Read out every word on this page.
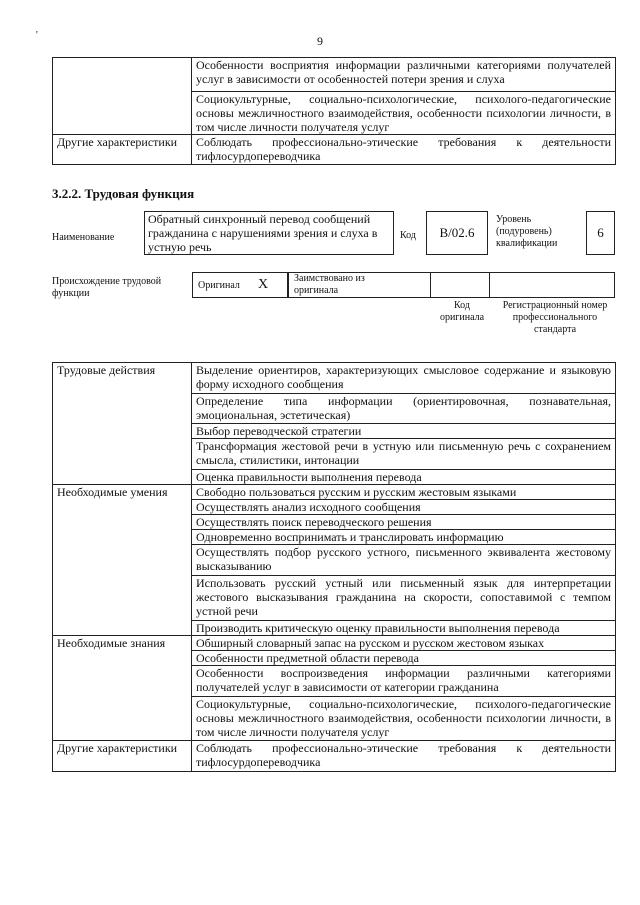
'	9
	Особенности восприятия информации различными категориями получателей услуг в зависимости от особенностей потери зрения и слуха
	Социокультурные, социально-психологические, психолого-педагогические основы межличностного взаимодействия, особенности психологии личности, в том числе личности получателя услуг
Другие характеристики	Соблюдать профессионально-этические требования к деятельности тифлосурдопереводчика
3.2.2. Трудовая функция
Наименование
Обратный синхронный перевод сообщений гражданина с нарушениями зрения и слуха в устную речь
Код	B/02.6
Уровень (подуровень) квалификации
6
Происхождение трудовой функции
Оригинал X	Заимствовано из оригинала
Код оригинала
Регистрационный номер профессионального стандарта
Трудовые действия	Выделение ориентиров, характеризующих смысловое содержание и языковую форму исходного сообщения
	Определение типа информации (ориентировочная, познавательная, эмоциональная, эстетическая)
	Выбор переводческой стратегии
	Трансформация жестовой речи в устную или письменную речь с сохранением смысла, стилистики, интонации
	Оценка правильности выполнения перевода
Необходимые умения	Свободно пользоваться русским и русским жестовым языками
	Осуществлять анализ исходного сообщения
	Осуществлять поиск переводческого решения
	Одновременно воспринимать и транслировать информацию
	Осуществлять подбор русского устного, письменного эквивалента жестовому высказыванию
	Использовать русский устный или письменный язык для интерпретации жестового высказывания гражданина на скорости, сопоставимой с темпом устной речи
	Производить критическую оценку правильности выполнения перевода
Необходимые знания	Обширный словарный запас на русском и русском жестовом языках
	Особенности предметной области перевода
	Особенности воспроизведения информации различными категориями получателей услуг в зависимости от категории гражданина
	Социокультурные, социально-психологические, психолого-педагогические основы межличностного взаимодействия, особенности психологии личности, в том числе личности получателя услуг
Другие характеристики	Соблюдать профессионально-этические требования к деятельности тифлосурдопереводчика
